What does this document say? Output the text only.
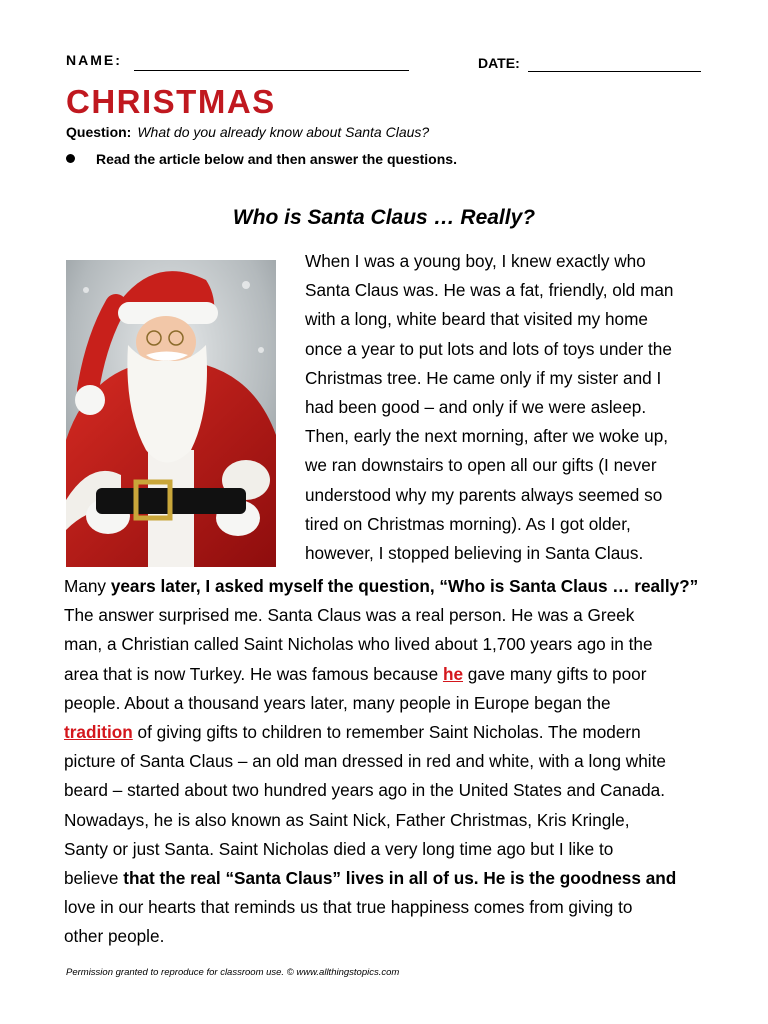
NAME:	DATE:
CHRISTMAS
Question: What do you already know about Santa Claus?
Read the article below and then answer the questions.
Who is Santa Claus … Really?
When I was a young boy, I knew exactly who
Santa Claus was. He was a fat, friendly, old man
with a long, white beard that visited my home
once a year to put lots and lots of toys under the
Christmas tree. He came only if my sister and I
had been good – and only if we were asleep.
Then, early the next morning, after we woke up,
we ran downstairs to open all our gifts (I never
understood why my parents always seemed so
tired on Christmas morning). As I got older,
however, I stopped believing in Santa Claus.
Many years later, I asked myself the question, “Who is Santa Claus … really?”
The answer surprised me. Santa Claus was a real person. He was a Greek
man, a Christian called Saint Nicholas who lived about 1,700 years ago in the
area that is now Turkey. He was famous because he gave many gifts to poor
people. About a thousand years later, many people in Europe began the
tradition of giving gifts to children to remember Saint Nicholas. The modern
picture of Santa Claus – an old man dressed in red and white, with a long white
beard – started about two hundred years ago in the United States and Canada.
Nowadays, he is also known as Saint Nick, Father Christmas, Kris Kringle,
Santy or just Santa. Saint Nicholas died a very long time ago but I like to
believe that the real “Santa Claus” lives in all of us. He is the goodness and
love in our hearts that reminds us that true happiness comes from giving to
other people.
Permission granted to reproduce for classroom use. © www.allthingstopics.com
